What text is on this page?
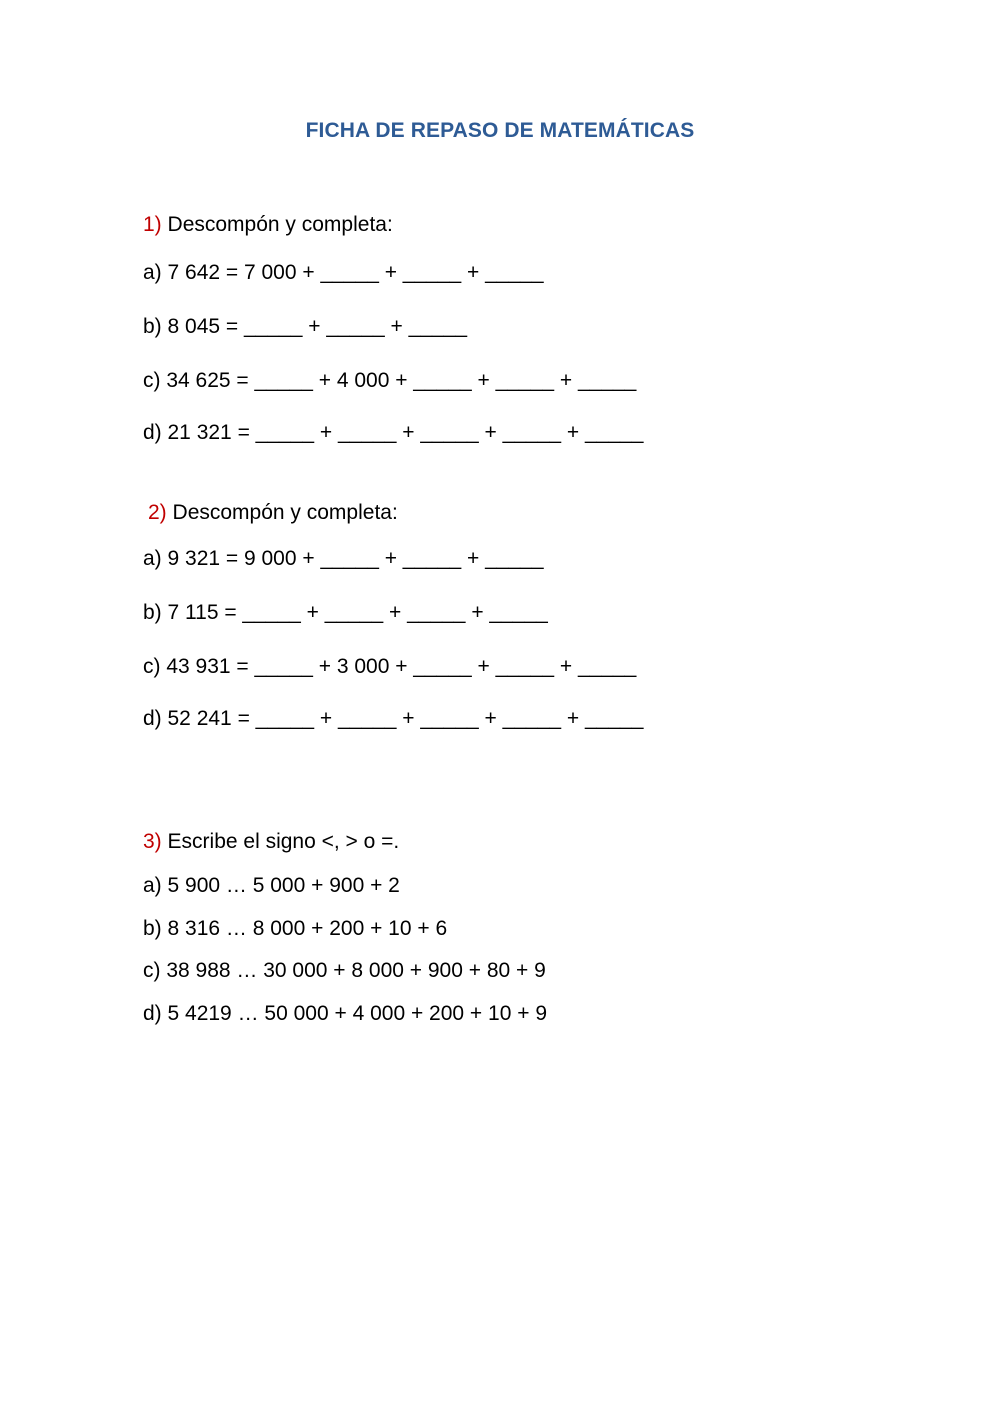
FICHA DE REPASO DE MATEMÁTICAS
1) Descompón y completa:
a) 7 642 = 7 000 + _____ + _____ + _____
b) 8 045 = _____ + _____ + _____
c) 34 625 = _____ + 4 000 + _____ + _____ + _____
d) 21 321 = _____ + _____ + _____ + _____ + _____
2) Descompón y completa:
a) 9 321 = 9 000 + _____ + _____ + _____
b) 7 115 = _____ + _____ + _____ + _____
c) 43 931 = _____ + 3 000 + _____ + _____ + _____
d) 52 241 = _____ + _____ + _____ + _____ + _____
3) Escribe el signo <, > o =.
a) 5 900 … 5 000 + 900 + 2
b) 8 316 … 8 000 + 200 + 10 + 6
c) 38 988 … 30 000 + 8 000 + 900 + 80 + 9
d) 5 4219 … 50 000 + 4 000 + 200 + 10 + 9
